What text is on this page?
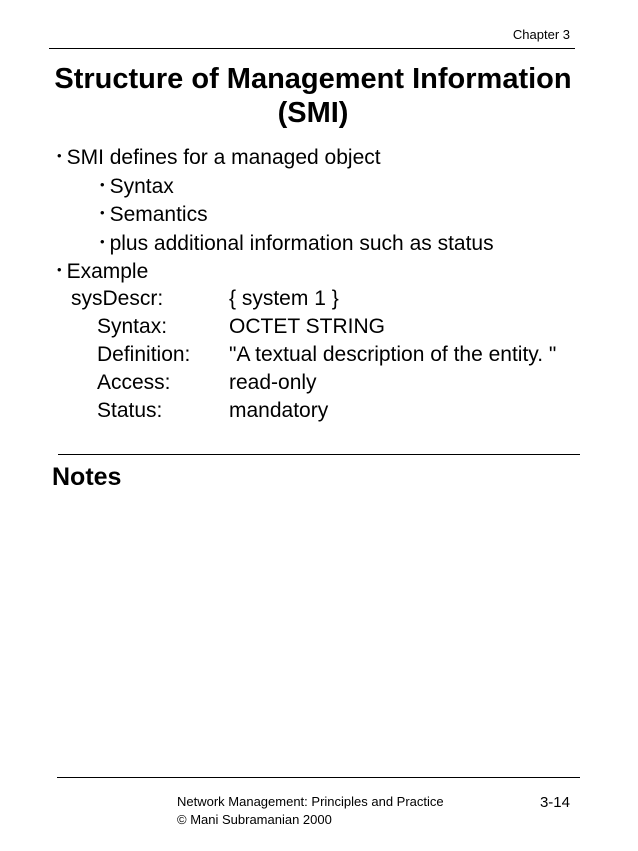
Chapter 3
Structure of Management Information
(SMI)
• SMI defines for a managed object
• Syntax
• Semantics
• plus additional information such as status
• Example
sysDescr:	{ system 1 }
Syntax:	OCTET STRING
Definition: "A textual description of the entity. "
Access:	read-only
Status:	mandatory
Notes
Network Management: Principles and Practice
© Mani Subramanian 2000
3-14
